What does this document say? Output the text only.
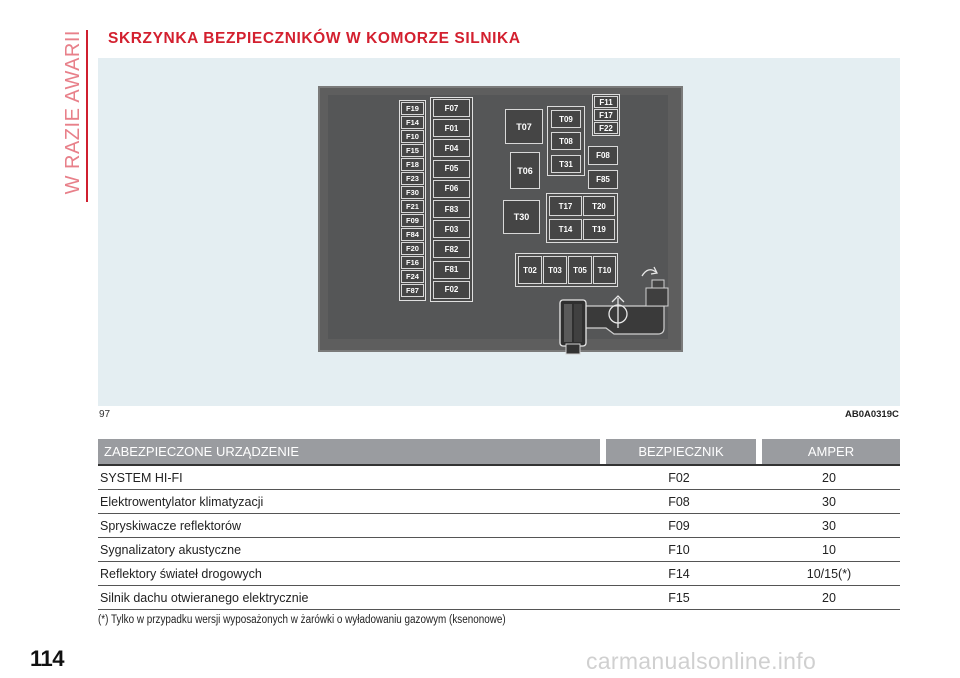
W RAZIE AWARII SKRZYNKA BEZPIECZNIKÓW W KOMORZE SILNIKA
T07
T06
T30
T09
T08
T31
T17	T20
T14	T19
T02	T03	T05	T10
F19
F14
F10
F15
F18
F23
F30
F21
F09
F84
F20
F16
F24
F87
F07
F01
F04
F05
F06
F83
F03
F82
F81
F02
F11
F17
F22
F08
F85
97	AB0A0319C
ZABEZPIECZONE URZĄDZENIE		BEZPIECZNIK		AMPER
SYSTEM HI-FI		F02		20
Elektrowentylator klimatyzacji		F08		30
Spryskiwacze reflektorów		F09		30
Sygnalizatory akustyczne		F10		10
Reflektory świateł drogowych		F14		10/15(*)
Silnik dachu otwieranego elektrycznie		F15		20
(*) Tylko w przypadku wersji wyposażonych w żarówki o wyładowaniu gazowym (ksenonowe)
114	carmanualsonline.info
